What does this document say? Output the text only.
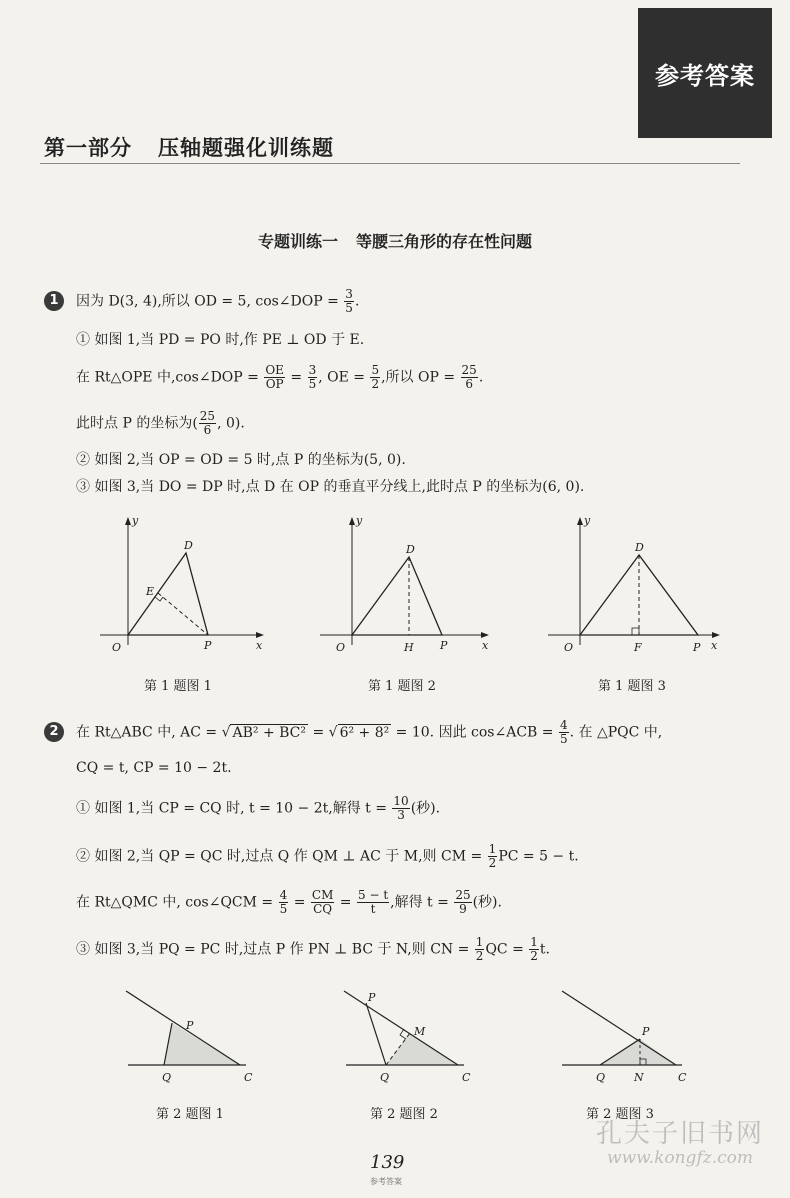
参考答案
第一部分 压轴题强化训练题
专题训练一 等腰三角形的存在性问题
1	因为 D(3, 4),所以 OD = 5, cos∠DOP = $\frac{3}{5}$ .
① 如图 1,当 PD = PO 时,作 PE ⊥ OD 于 E.
在 Rt△OPE 中,cos∠DOP = $\frac{OE}{OP} = \frac{3}{5}$ , OE = $\frac{5}{2}$ ,所以 OP = $\frac{25}{6}$ .
此时点 P 的坐标为( $\frac{25}{6}$ , 0).
② 如图 2,当 OP = OD = 5 时,点 P 的坐标为(5, 0).
③ 如图 3,当 DO = DP 时,点 D 在 OP 的垂直平分线上,此时点 P 的坐标为(6, 0).
y
x
O
D
E
P
第 1 题图 1
y
x
O
D
H P
第 1 题图 2
y
x
O
D
F	P
第 1 题图 3
2	在 Rt△ABC 中, AC = √ AB² + BC² = √ 6² + 8² = 10. 因此 cos∠ACB = $\frac{4}{5}$ . 在 △PQC 中,
CQ = t, CP = 10 − 2t.
① 如图 1,当 CP = CQ 时, t = 10 − 2t,解得 $t = \frac{10}{3}$ (秒).
② 如图 2,当 QP = QC 时,过点 Q 作 QM ⊥ AC 于 M,则 CM = $\frac{1}{2}$ PC = 5 − t.
在 Rt△QMC 中, cos∠QCM = $\frac{4}{5} = \frac{CM}{CQ} = \frac{5 - t}{t}$ ,解得 $t = \frac{25}{9}$ (秒).
③ 如图 3,当 PQ = PC 时,过点 P 作 PN ⊥ BC 于 N,则 CN = $\frac{1}{2}$ QC = $\frac{1}{2} t$.
P
Q	C
第 2 题图 1
P
M
Q	C
第 2 题图 2
P
Q	N	C
第 2 题图 3
139
参考答案
孔夫子旧书网
www.kongfz.com
